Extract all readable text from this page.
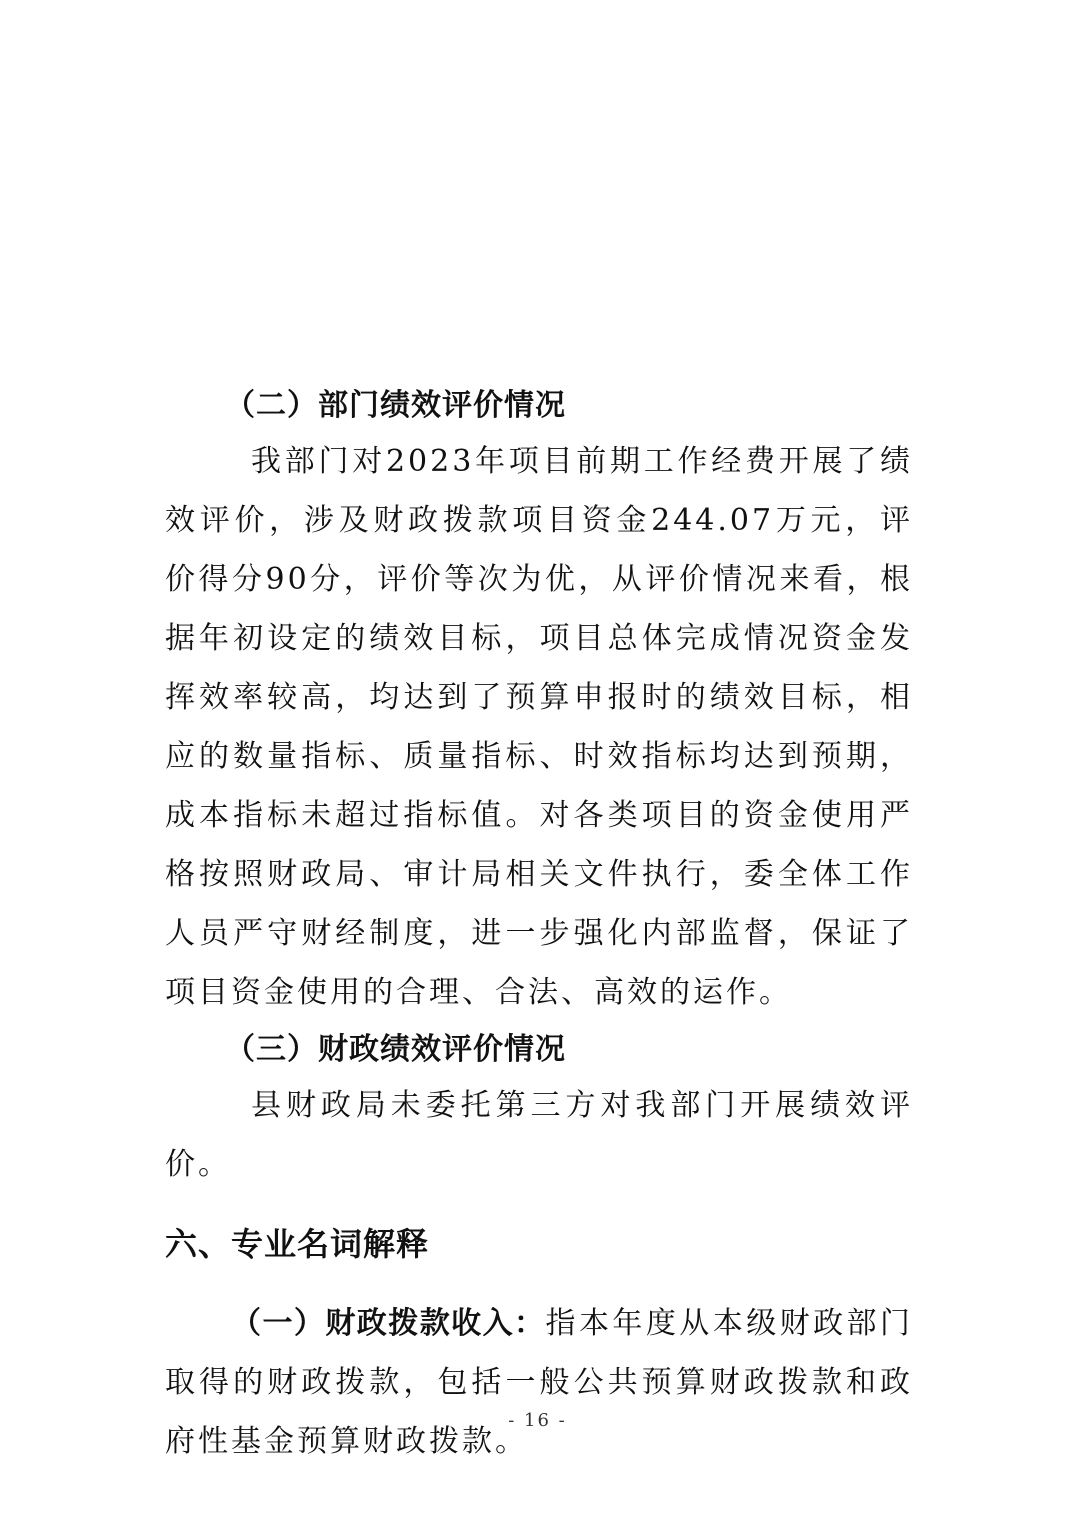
（二）部门绩效评价情况

我部门对2023年项目前期工作经费开展了绩效评价，涉及财政拨款项目资金244.07万元，评价得分90分，评价等次为优，从评价情况来看，根据年初设定的绩效目标，项目总体完成情况资金发挥效率较高，均达到了预算申报时的绩效目标，相应的数量指标、质量指标、时效指标均达到预期，成本指标未超过指标值。对各类项目的资金使用严格按照财政局、审计局相关文件执行，委全体工作人员严守财经制度，进一步强化内部监督，保证了项目资金使用的合理、合法、高效的运作。

（三）财政绩效评价情况

县财政局未委托第三方对我部门开展绩效评价。

六、专业名词解释

（一）财政拨款收入：指本年度从本级财政部门取得的财政拨款，包括一般公共预算财政拨款和政府性基金预算财政拨款。

- 16 -
